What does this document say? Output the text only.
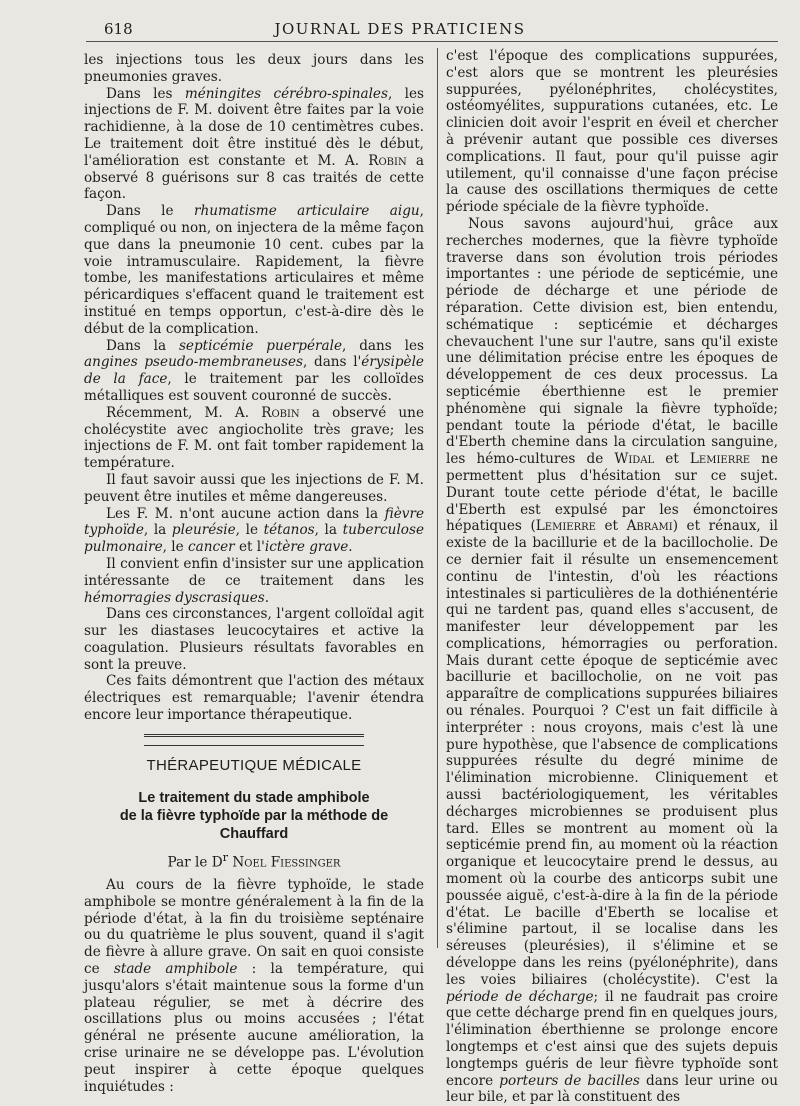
618	JOURNAL DES PRATICIENS

les injections tous les deux jours dans les pneumonies graves.

Dans les méningites cérébro-spinales, les injections de F. M. doivent être faites par la voie rachidienne, à la dose de 10 centimètres cubes. Le traitement doit être institué dès le début, l'amélioration est constante et M. A. Robin a observé 8 guérisons sur 8 cas traités de cette façon.

Dans le rhumatisme articulaire aigu, compliqué ou non, on injectera de la même façon que dans la pneumonie 10 cent. cubes par la voie intramusculaire. Rapidement, la fièvre tombe, les manifestations articulaires et même péricardiques s'effacent quand le traitement est institué en temps opportun, c'est-à-dire dès le début de la complication.

Dans la septicémie puerpérale, dans les angines pseudo-membraneuses, dans l'érysipèle de la face, le traitement par les colloïdes métalliques est souvent couronné de succès.

Récemment, M. A. Robin a observé une cholécystite avec angiocholite très grave; les injections de F. M. ont fait tomber rapidement la température.

Il faut savoir aussi que les injections de F. M. peuvent être inutiles et même dangereuses.

Les F. M. n'ont aucune action dans la fièvre typhoïde, la pleurésie, le tétanos, la tuberculose pulmonaire, le cancer et l'ictère grave.

Il convient enfin d'insister sur une application intéressante de ce traitement dans les hémorragies dyscrasiques.

Dans ces circonstances, l'argent colloïdal agit sur les diastases leucocytaires et active la coagulation. Plusieurs résultats favorables en sont la preuve.

Ces faits démontrent que l'action des métaux électriques est remarquable; l'avenir étendra encore leur importance thérapeutique.

THÉRAPEUTIQUE MÉDICALE
Le traitement du stade amphibole
de la fièvre typhoïde par la méthode de Chauffard
Par le $D^r$ Noel Fiessinger

Au cours de la fièvre typhoïde, le stade amphibole se montre généralement à la fin de la période d'état, à la fin du troisième septénaire ou du quatrième le plus souvent, quand il s'agit de fièvre à allure grave. On sait en quoi consiste ce stade amphibole : la température, qui jusqu'alors s'était maintenue sous la forme d'un plateau régulier, se met à décrire des oscillations plus ou moins accusées ; l'état général ne présente aucune amélioration, la crise urinaire ne se développe pas. L'évolution peut inspirer à cette époque quelques inquiétudes :

c'est l'époque des complications suppurées, c'est alors que se montrent les pleurésies suppurées, pyélonéphrites, cholécystites, ostéomyélites, suppurations cutanées, etc. Le clinicien doit avoir l'esprit en éveil et chercher à prévenir autant que possible ces diverses complications. Il faut, pour qu'il puisse agir utilement, qu'il connaisse d'une façon précise la cause des oscillations thermiques de cette période spéciale de la fièvre typhoïde.

Nous savons aujourd'hui, grâce aux recherches modernes, que la fièvre typhoïde traverse dans son évolution trois périodes importantes : une période de septicémie, une période de décharge et une période de réparation. Cette division est, bien entendu, schématique : septicémie et décharges chevauchent l'une sur l'autre, sans qu'il existe une délimitation précise entre les époques de développement de ces deux processus. La septicémie éberthienne est le premier phénomène qui signale la fièvre typhoïde; pendant toute la période d'état, le bacille d'Eberth chemine dans la circulation sanguine, les hémo-cultures de Widal et Lemierre ne permettent plus d'hésitation sur ce sujet. Durant toute cette période d'état, le bacille d'Eberth est expulsé par les émonctoires hépatiques (Lemierre et Abrami) et rénaux, il existe de la bacillurie et de la bacillocholie. De ce dernier fait il résulte un ensemencement continu de l'intestin, d'où les réactions intestinales si particulières de la dothiénentérie qui ne tardent pas, quand elles s'accusent, de manifester leur développement par les complications, hémorragies ou perforation. Mais durant cette époque de septicémie avec bacillurie et bacillocholie, on ne voit pas apparaître de complications suppurées biliaires ou rénales. Pourquoi ? C'est un fait difficile à interpréter : nous croyons, mais c'est là une pure hypothèse, que l'absence de complications suppurées résulte du degré minime de l'élimination microbienne. Cliniquement et aussi bactériologiquement, les véritables décharges microbiennes se produisent plus tard. Elles se montrent au moment où la septicémie prend fin, au moment où la réaction organique et leucocytaire prend le dessus, au moment où la courbe des anticorps subit une poussée aiguë, c'est-à-dire à la fin de la période d'état. Le bacille d'Eberth se localise et s'élimine partout, il se localise dans les séreuses (pleurésies), il s'élimine et se développe dans les reins (pyélonéphrite), dans les voies biliaires (cholécystite). C'est la période de décharge; il ne faudrait pas croire que cette décharge prend fin en quelques jours, l'élimination éberthienne se prolonge encore longtemps et c'est ainsi que des sujets depuis longtemps guéris de leur fièvre typhoïde sont encore porteurs de bacilles dans leur urine ou leur bile, et par là constituent des
